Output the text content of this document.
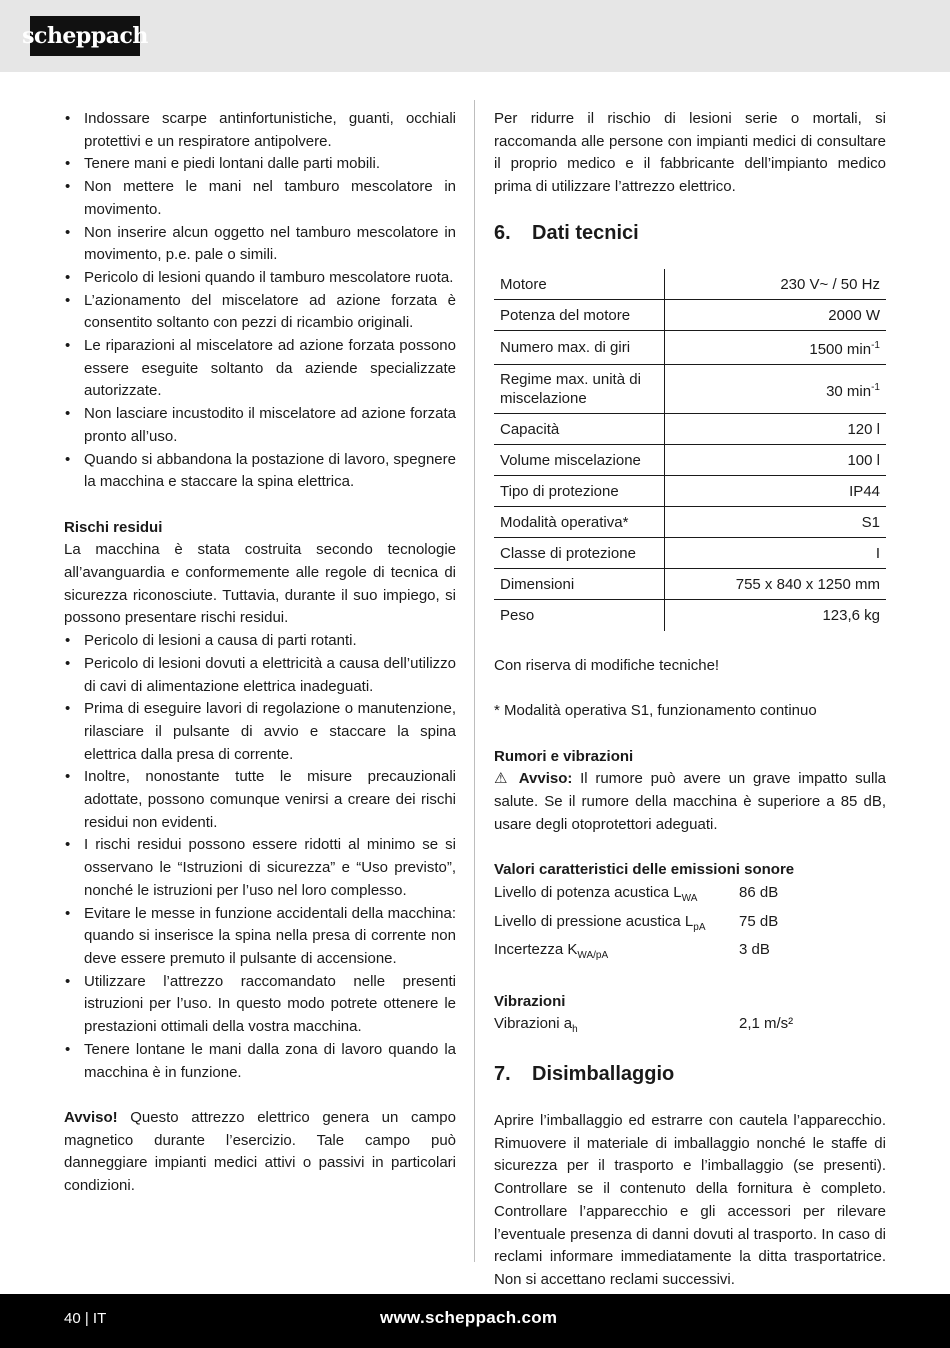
scheppach
• Indossare scarpe antinfortunistiche, guanti, occhiali protettivi e un respiratore antipolvere.
• Tenere mani e piedi lontani dalle parti mobili.
• Non mettere le mani nel tamburo mescolatore in movimento.
• Non inserire alcun oggetto nel tamburo mescolatore in movimento, p.e. pale o simili.
• Pericolo di lesioni quando il tamburo mescolatore ruota.
• L’azionamento del miscelatore ad azione forzata è consentito soltanto con pezzi di ricambio originali.
• Le riparazioni al miscelatore ad azione forzata possono essere eseguite soltanto da aziende specializzate autorizzate.
• Non lasciare incustodito il miscelatore ad azione forzata pronto all’uso.
• Quando si abbandona la postazione di lavoro, spegnere la macchina e staccare la spina elettrica.

Rischi residui

La macchina è stata costruita secondo tecnologie all’avanguardia e conformemente alle regole di tecnica di sicurezza riconosciute. Tuttavia, durante il suo impiego, si possono presentare rischi residui.

• Pericolo di lesioni a causa di parti rotanti.
• Pericolo di lesioni dovuti a elettricità a causa dell’utilizzo di cavi di alimentazione elettrica inadeguati.
• Prima di eseguire lavori di regolazione o manutenzione, rilasciare il pulsante di avvio e staccare la spina elettrica dalla presa di corrente.
• Inoltre, nonostante tutte le misure precauzionali adottate, possono comunque venirsi a creare dei rischi residui non evidenti.
• I rischi residui possono essere ridotti al minimo se si osservano le “Istruzioni di sicurezza” e “Uso previsto”, nonché le istruzioni per l’uso nel loro complesso.
• Evitare le messe in funzione accidentali della macchina: quando si inserisce la spina nella presa di corrente non deve essere premuto il pulsante di accensione.
• Utilizzare l’attrezzo raccomandato nelle presenti istruzioni per l’uso. In questo modo potrete ottenere le prestazioni ottimali della vostra macchina.
• Tenere lontane le mani dalla zona di lavoro quando la macchina è in funzione.

Avviso! Questo attrezzo elettrico genera un campo magnetico durante l’esercizio. Tale campo può danneggiare impianti medici attivi o passivi in particolari condizioni.

Per ridurre il rischio di lesioni serie o mortali, si raccomanda alle persone con impianti medici di consultare il proprio medico e il fabbricante dell’impianto medico prima di utilizzare l’attrezzo elettrico.

6.	Dati tecnici
Motore	230 V~ / 50 Hz
Potenza del motore	2000 W
Numero max. di giri	1500 $\min^{-1}$
Regime max. unità di miscelazione	30 $\min^{-1}$
Capacità	120 l
Volume miscelazione	100 l
Tipo di protezione	IP44
Modalità operativa*	S1
Classe di protezione	I
Dimensioni	755 x 840 x 1250 mm
Peso	123,6 kg

Con riserva di modifiche tecniche!

* Modalità operativa S1, funzionamento continuo

Rumori e vibrazioni

⚠ Avviso: Il rumore può avere un grave impatto sulla salute. Se il rumore della macchina è superiore a 85 dB, usare degli otoprotettori adeguati.

Valori caratteristici delle emissioni sonore

Livello di potenza acustica $L_{WA}$	86 dB
Livello di pressione acustica $L_{pA}$	75 dB
Incertezza $K_{WA/pA}$	3 dB

Vibrazioni

Vibrazioni $a_h$	2,1 m/s²
7.	Disimballaggio

Aprire l’imballaggio ed estrarre con cautela l’apparecchio. Rimuovere il materiale di imballaggio nonché le staffe di sicurezza per il trasporto e l’imballaggio (se presenti). Controllare se il contenuto della fornitura è completo. Controllare l’apparecchio e gli accessori per rilevare l’eventuale presenza di danni dovuti al trasporto. In caso di reclami informare immediatamente la ditta trasportatrice. Non si accettano reclami successivi.

40 | IT	www.scheppach.com
